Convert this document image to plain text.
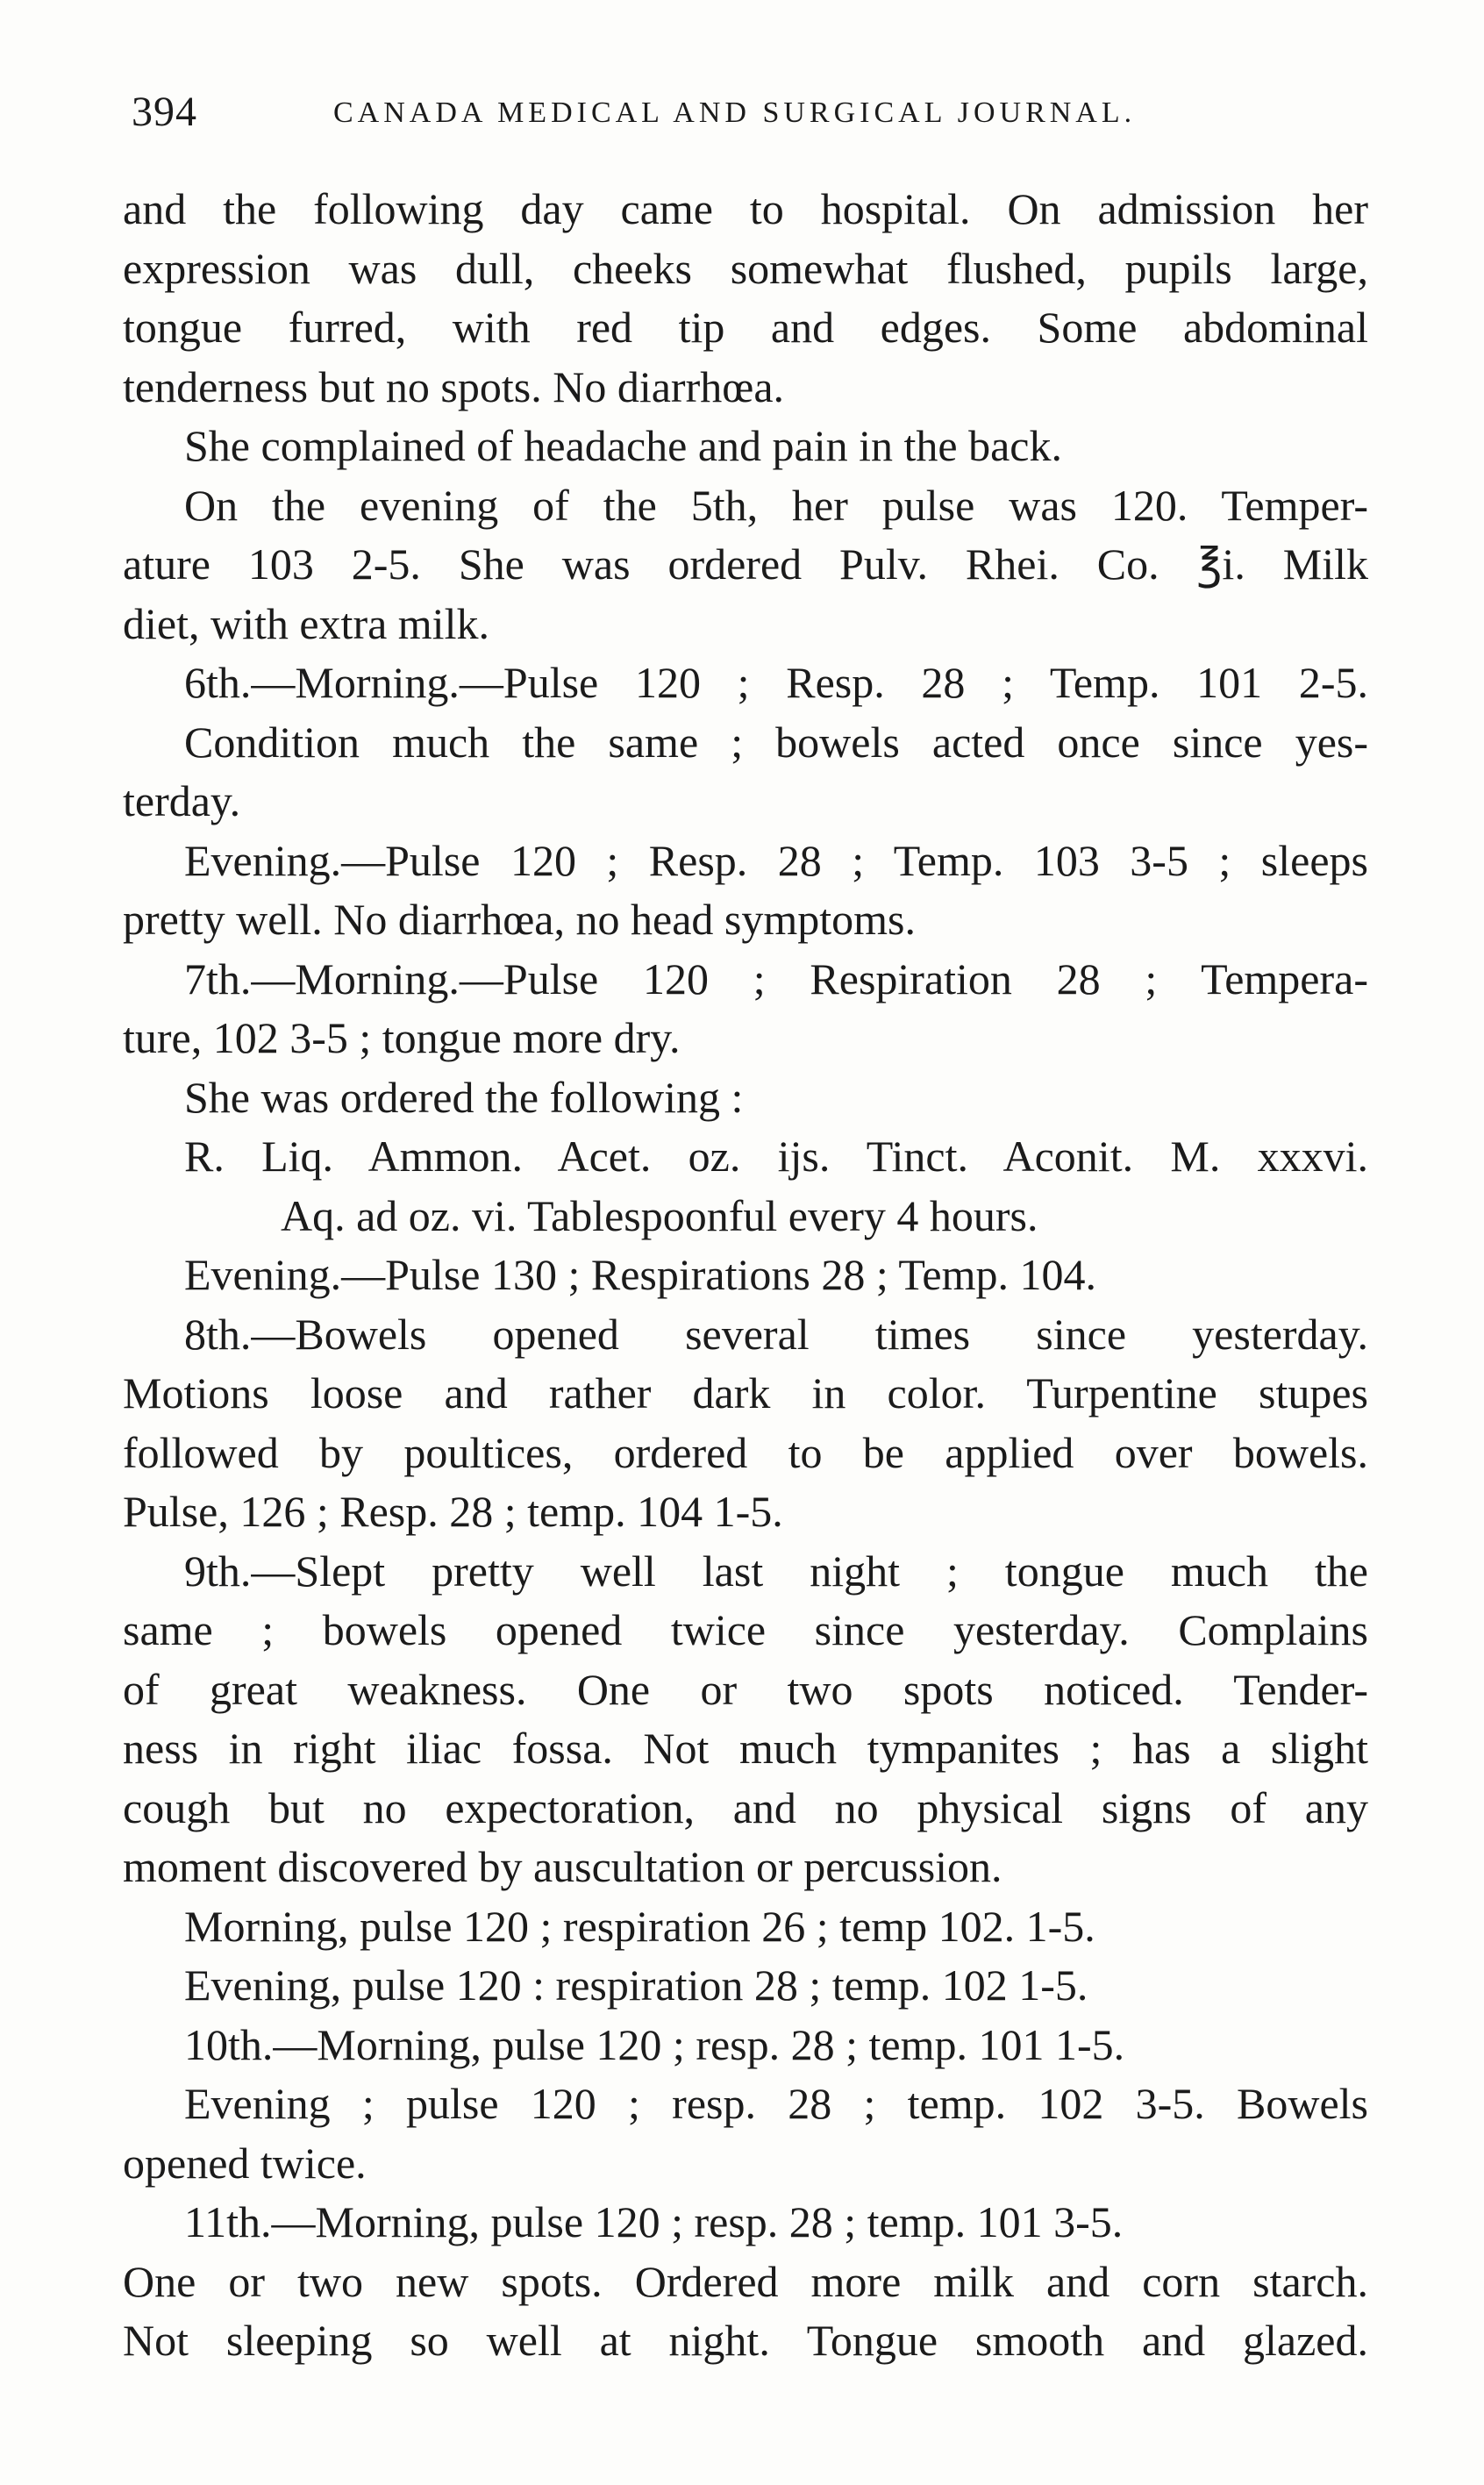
394	CANADA MEDICAL AND SURGICAL JOURNAL.
and the following day came to hospital. On admission her
expression was dull, cheeks somewhat flushed, pupils large,
tongue furred, with red tip and edges. Some abdominal
tenderness but no spots. No diarrhœa.
She complained of headache and pain in the back.
On the evening of the 5th, her pulse was 120. Temper-
ature 103 2-5. She was ordered Pulv. Rhei. Co. ℥i. Milk
diet, with extra milk.
6th.—Morning.—Pulse 120 ; Resp. 28 ; Temp. 101 2-5.
Condition much the same ; bowels acted once since yes-
terday.
Evening.—Pulse 120 ; Resp. 28 ; Temp. 103 3-5 ; sleeps
pretty well. No diarrhœa, no head symptoms.
7th.—Morning.—Pulse 120 ; Respiration 28 ; Tempera-
ture, 102 3-5 ; tongue more dry.
She was ordered the following :
R. Liq. Ammon. Acet. oz. ijs. Tinct. Aconit. M. xxxvi.
Aq. ad oz. vi. Tablespoonful every 4 hours.
Evening.—Pulse 130 ; Respirations 28 ; Temp. 104.
8th.—Bowels opened several times since yesterday.
Motions loose and rather dark in color. Turpentine stupes
followed by poultices, ordered to be applied over bowels.
Pulse, 126 ; Resp. 28 ; temp. 104 1-5.
9th.—Slept pretty well last night ; tongue much the
same ; bowels opened twice since yesterday. Complains
of great weakness. One or two spots noticed. Tender-
ness in right iliac fossa. Not much tympanites ; has a slight
cough but no expectoration, and no physical signs of any
moment discovered by auscultation or percussion.
Morning, pulse 120 ; respiration 26 ; temp 102. 1-5.
Evening, pulse 120 : respiration 28 ; temp. 102 1-5.
10th.—Morning, pulse 120 ; resp. 28 ; temp. 101 1-5.
Evening ; pulse 120 ; resp. 28 ; temp. 102 3-5. Bowels
opened twice.
11th.—Morning, pulse 120 ; resp. 28 ; temp. 101 3-5.
One or two new spots. Ordered more milk and corn starch.
Not sleeping so well at night. Tongue smooth and glazed.
